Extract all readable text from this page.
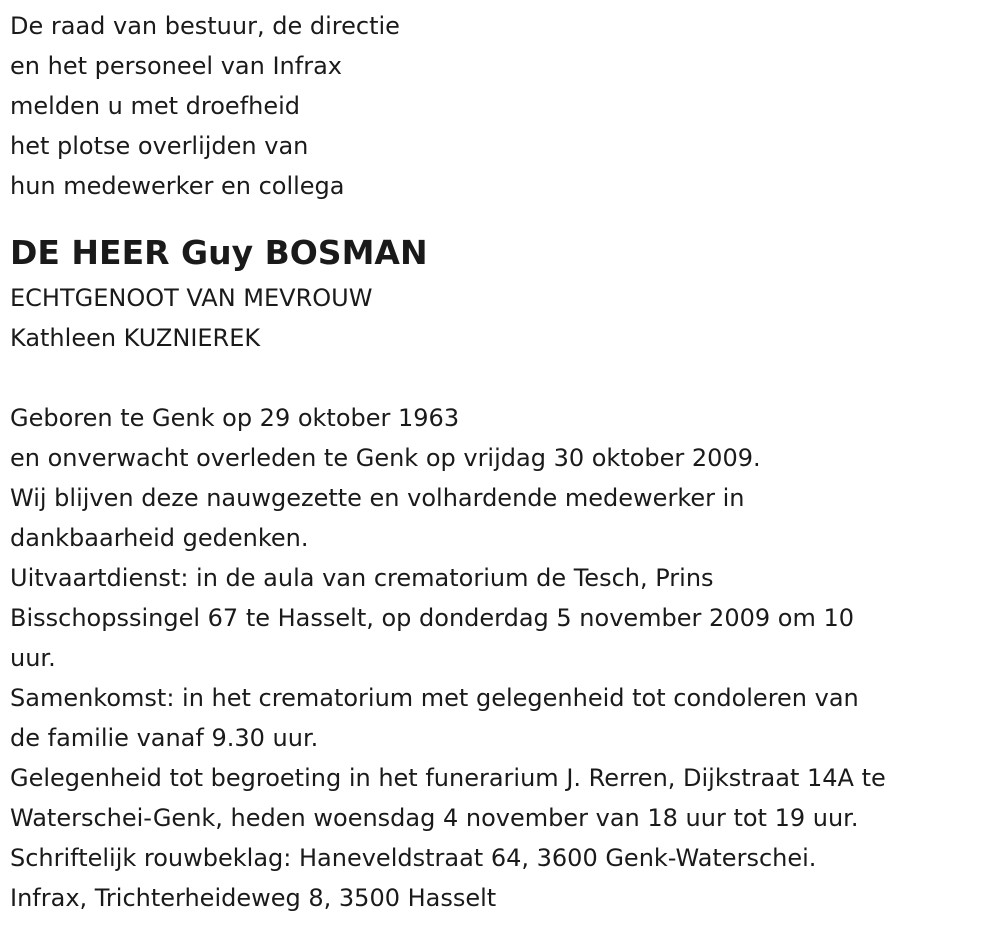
De raad van bestuur, de directie
en het personeel van Infrax
melden u met droefheid
het plotse overlijden van
hun medewerker en collega
DE HEER Guy BOSMAN
ECHTGENOOT VAN MEVROUW
Kathleen KUZNIEREK
Geboren te Genk op 29 oktober 1963
en onverwacht overleden te Genk op vrijdag 30 oktober 2009.
Wij blijven deze nauwgezette en volhardende medewerker in
dankbaarheid gedenken.
Uitvaartdienst: in de aula van crematorium de Tesch, Prins
Bisschopssingel 67 te Hasselt, op donderdag 5 november 2009 om 10
uur.
Samenkomst: in het crematorium met gelegenheid tot condoleren van
de familie vanaf 9.30 uur.
Gelegenheid tot begroeting in het funerarium J. Rerren, Dijkstraat 14A te
Waterschei-Genk, heden woensdag 4 november van 18 uur tot 19 uur.
Schriftelijk rouwbeklag: Haneveldstraat 64, 3600 Genk-Waterschei.
Infrax, Trichterheideweg 8, 3500 Hasselt
